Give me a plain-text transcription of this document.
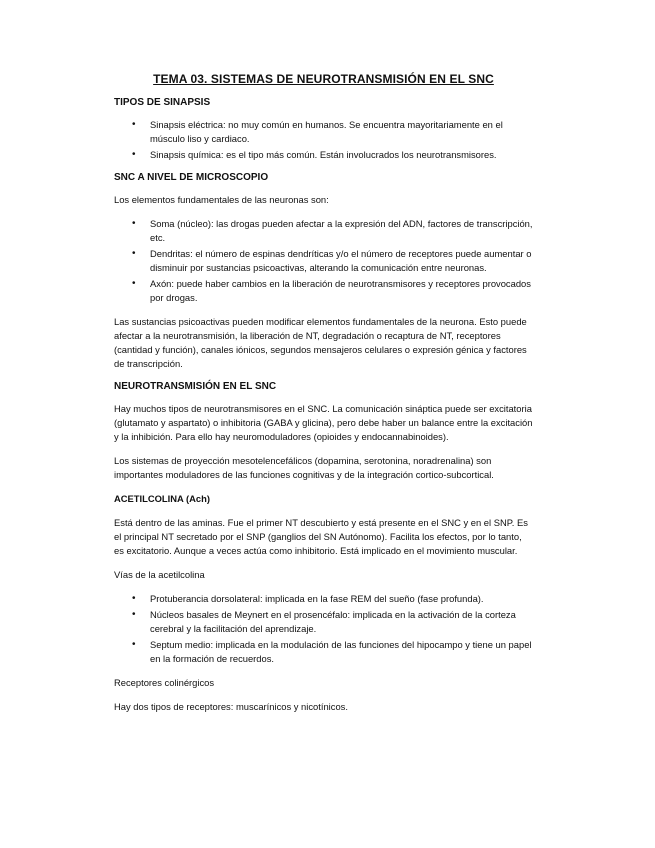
TEMA 03. SISTEMAS DE NEUROTRANSMISIÓN EN EL SNC
TIPOS DE SINAPSIS
• Sinapsis eléctrica: no muy común en humanos. Se encuentra mayoritariamente en el músculo liso y cardiaco.
• Sinapsis química: es el tipo más común. Están involucrados los neurotransmisores.
SNC A NIVEL DE MICROSCOPIO
Los elementos fundamentales de las neuronas son:
• Soma (núcleo): las drogas pueden afectar a la expresión del ADN, factores de transcripción, etc.
• Dendritas: el número de espinas dendríticas y/o el número de receptores puede aumentar o disminuir por sustancias psicoactivas, alterando la comunicación entre neuronas.
• Axón: puede haber cambios en la liberación de neurotransmisores y receptores provocados por drogas.
Las sustancias psicoactivas pueden modificar elementos fundamentales de la neurona. Esto puede afectar a la neurotransmisión, la liberación de NT, degradación o recaptura de NT, receptores (cantidad y función), canales iónicos, segundos mensajeros celulares o expresión génica y factores de transcripción.
NEUROTRANSMISIÓN EN EL SNC
Hay muchos tipos de neurotransmisores en el SNC. La comunicación sináptica puede ser excitatoria (glutamato y aspartato) o inhibitoria (GABA y glicina), pero debe haber un balance entre la excitación y la inhibición. Para ello hay neuromoduladores (opioides y endocannabinoides).
Los sistemas de proyección mesotelencefálicos (dopamina, serotonina, noradrenalina) son importantes moduladores de las funciones cognitivas y de la integración cortico-subcortical.
ACETILCOLINA (Ach)
Está dentro de las aminas. Fue el primer NT descubierto y está presente en el SNC y en el SNP. Es el principal NT secretado por el SNP (ganglios del SN Autónomo). Facilita los efectos, por lo tanto, es excitatorio. Aunque a veces actúa como inhibitorio. Está implicado en el movimiento muscular.
Vías de la acetilcolina
• Protuberancia dorsolateral: implicada en la fase REM del sueño (fase profunda).
• Núcleos basales de Meynert en el prosencéfalo: implicada en la activación de la corteza cerebral y la facilitación del aprendizaje.
• Septum medio: implicada en la modulación de las funciones del hipocampo y tiene un papel en la formación de recuerdos.
Receptores colinérgicos
Hay dos tipos de receptores: muscarínicos y nicotínicos.
